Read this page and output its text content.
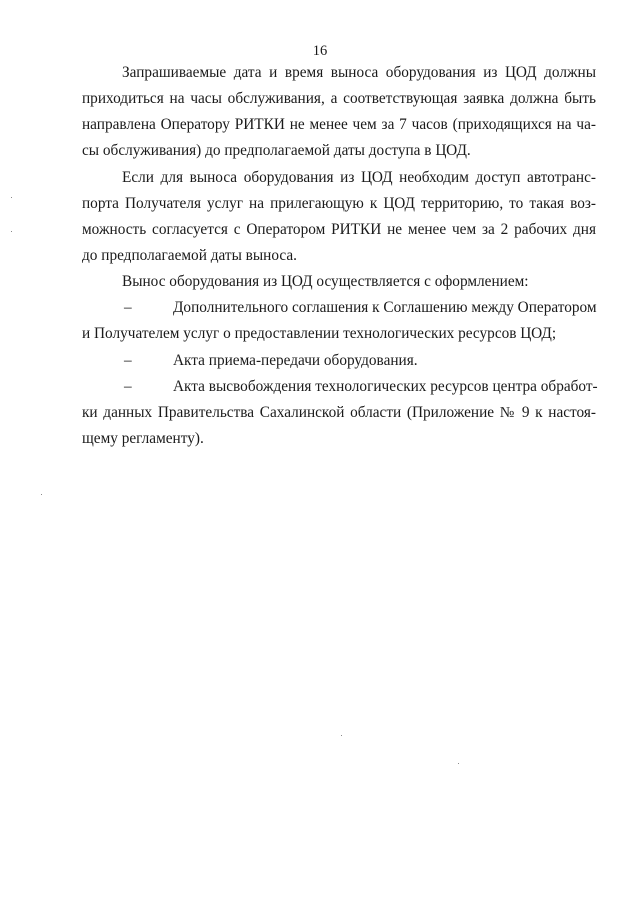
16
Запрашиваемые дата и время выноса оборудования из ЦОД должны
приходиться на часы обслуживания, а соответствующая заявка должна быть
направлена Оператору РИТКИ не менее чем за 7 часов (приходящихся на ча-
сы обслуживания) до предполагаемой даты доступа в ЦОД.
Если для выноса оборудования из ЦОД необходим доступ автотранс-
порта Получателя услуг на прилегающую к ЦОД территорию, то такая воз-
можность согласуется с Оператором РИТКИ не менее чем за 2 рабочих дня
до предполагаемой даты выноса.
Вынос оборудования из ЦОД осуществляется с оформлением:
–	Дополнительного соглашения к Соглашению между Оператором
и Получателем услуг о предоставлении технологических ресурсов ЦОД;
–	Акта приема-передачи оборудования.
–	Акта высвобождения технологических ресурсов центра обработ-
ки данных Правительства Сахалинской области (Приложение № 9 к настоя-
щему регламенту).
